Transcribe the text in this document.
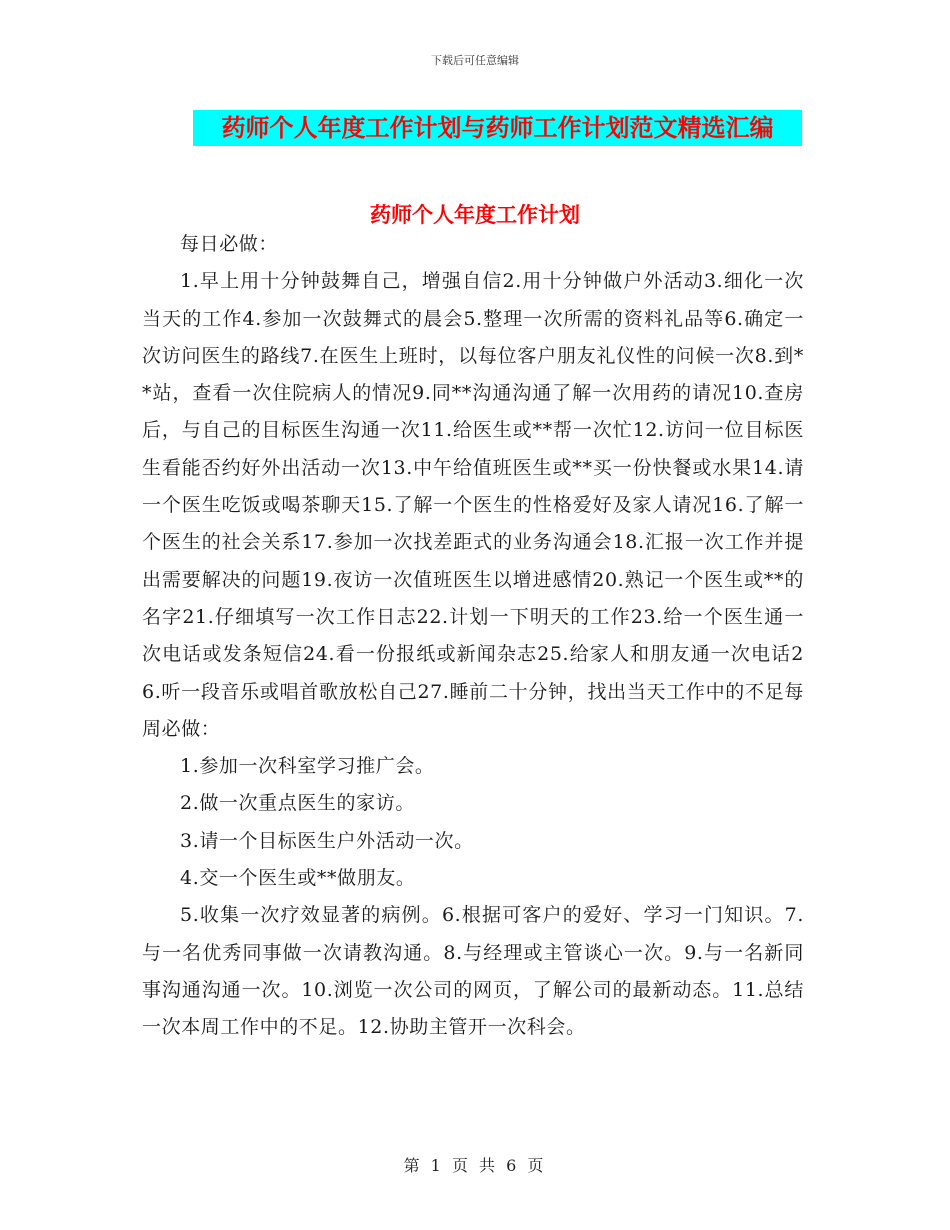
下载后可任意编辑
药师个人年度工作计划与药师工作计划范文精选汇编
药师个人年度工作计划

每日必做：

1.早上用十分钟鼓舞自己，增强自信2.用十分钟做户外活动3.细化一次当天的工作4.参加一次鼓舞式的晨会5.整理一次所需的资料礼品等6.确定一次访问医生的路线7.在医生上班时，以每位客户朋友礼仪性的问候一次8.到**站，查看一次住院病人的情况9.同**沟通沟通了解一次用药的请况10.查房后，与自己的目标医生沟通一次11.给医生或**帮一次忙12.访问一位目标医生看能否约好外出活动一次13.中午给值班医生或**买一份快餐或水果14.请一个医生吃饭或喝茶聊天15.了解一个医生的性格爱好及家人请况16.了解一个医生的社会关系17.参加一次找差距式的业务沟通会18.汇报一次工作并提出需要解决的问题19.夜访一次值班医生以增进感情20.熟记一个医生或**的名字21.仔细填写一次工作日志22.计划一下明天的工作23.给一个医生通一次电话或发条短信24.看一份报纸或新闻杂志25.给家人和朋友通一次电话26.听一段音乐或唱首歌放松自己27.睡前二十分钟，找出当天工作中的不足每周必做：

1.参加一次科室学习推广会。

2.做一次重点医生的家访。

3.请一个目标医生户外活动一次。

4.交一个医生或**做朋友。

5.收集一次疗效显著的病例。6.根据可客户的爱好、学习一门知识。7.与一名优秀同事做一次请教沟通。8.与经理或主管谈心一次。9.与一名新同事沟通沟通一次。10.浏览一次公司的网页，了解公司的最新动态。11.总结一次本周工作中的不足。12.协助主管开一次科会。

第 1 页 共 6 页
